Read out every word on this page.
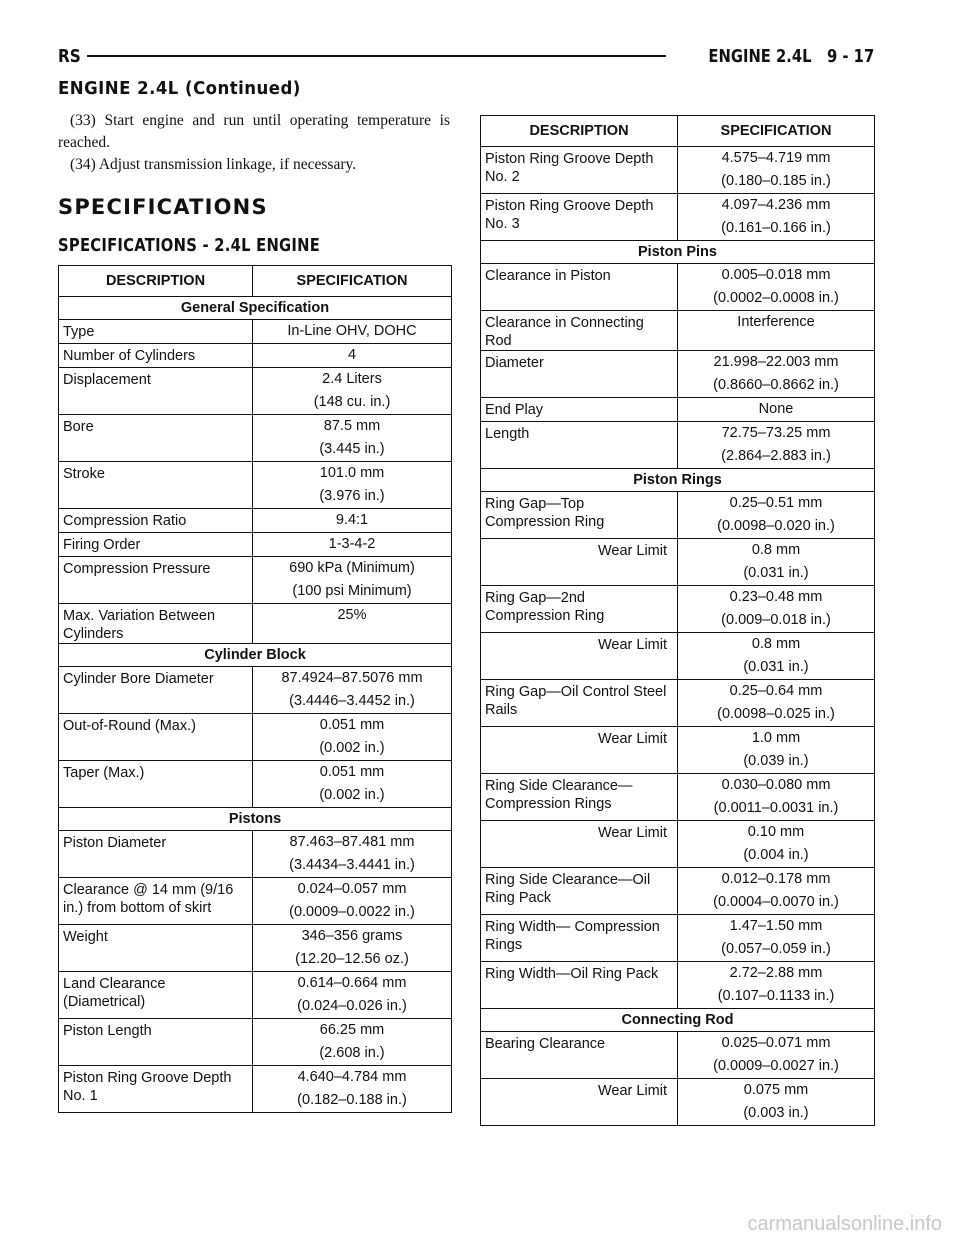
RS	ENGINE 2.4L 9 - 17
ENGINE 2.4L (Continued)
(33) Start engine and run until operating temperature is reached.
(34) Adjust transmission linkage, if necessary.
SPECIFICATIONS
SPECIFICATIONS - 2.4L ENGINE
DESCRIPTION	SPECIFICATION
General Specification	
Type	In-Line OHV, DOHC

Number of Cylinders	4

Displacement	2.4 Liters
(148 cu. in.)

Bore	87.5 mm
(3.445 in.)

Stroke	101.0 mm
(3.976 in.)

Compression Ratio	9.4:1

Firing Order	1-3-4-2

Compression Pressure	690 kPa (Minimum)
(100 psi Minimum)

Max. Variation Between Cylinders	25%

Cylinder Block	
Cylinder Bore Diameter	87.4924–87.5076 mm
(3.4446–3.4452 in.)

Out-of-Round (Max.)	0.051 mm
(0.002 in.)

Taper (Max.)	0.051 mm
(0.002 in.)

Pistons	
Piston Diameter	87.463–87.481 mm
(3.4434–3.4441 in.)

Clearance @ 14 mm (9/16 in.) from bottom of skirt	0.024–0.057 mm
(0.0009–0.0022 in.)

Weight	346–356 grams
(12.20–12.56 oz.)

Land Clearance (Diametrical)	0.614–0.664 mm
(0.024–0.026 in.)

Piston Length	66.25 mm
(2.608 in.)

Piston Ring Groove Depth No. 1	4.640–4.784 mm
(0.182–0.188 in.)
DESCRIPTION	SPECIFICATION
Piston Ring Groove Depth No. 2	4.575–4.719 mm
(0.180–0.185 in.)

Piston Ring Groove Depth No. 3	4.097–4.236 mm
(0.161–0.166 in.)

Piston Pins	
Clearance in Piston	0.005–0.018 mm
(0.0002–0.0008 in.)

Clearance in Connecting Rod	Interference

Diameter	21.998–22.003 mm
(0.8660–0.8662 in.)

End Play	None

Length	72.75–73.25 mm
(2.864–2.883 in.)

Piston Rings	
Ring Gap—Top Compression Ring	0.25–0.51 mm
(0.0098–0.020 in.)

Wear Limit	0.8 mm
(0.031 in.)

Ring Gap—2nd Compression Ring	0.23–0.48 mm
(0.009–0.018 in.)

Wear Limit	0.8 mm
(0.031 in.)

Ring Gap—Oil Control Steel Rails	0.25–0.64 mm
(0.0098–0.025 in.)

Wear Limit	1.0 mm
(0.039 in.)

Ring Side Clearance— Compression Rings	0.030–0.080 mm
(0.0011–0.0031 in.)

Wear Limit	0.10 mm
(0.004 in.)

Ring Side Clearance—Oil Ring Pack	0.012–0.178 mm
(0.0004–0.0070 in.)

Ring Width— Compression Rings	1.47–1.50 mm
(0.057–0.059 in.)

Ring Width—Oil Ring Pack	2.72–2.88 mm
(0.107–0.1133 in.)

Connecting Rod	
Bearing Clearance	0.025–0.071 mm
(0.0009–0.0027 in.)

Wear Limit	0.075 mm
(0.003 in.)
carmanualsonline.info
